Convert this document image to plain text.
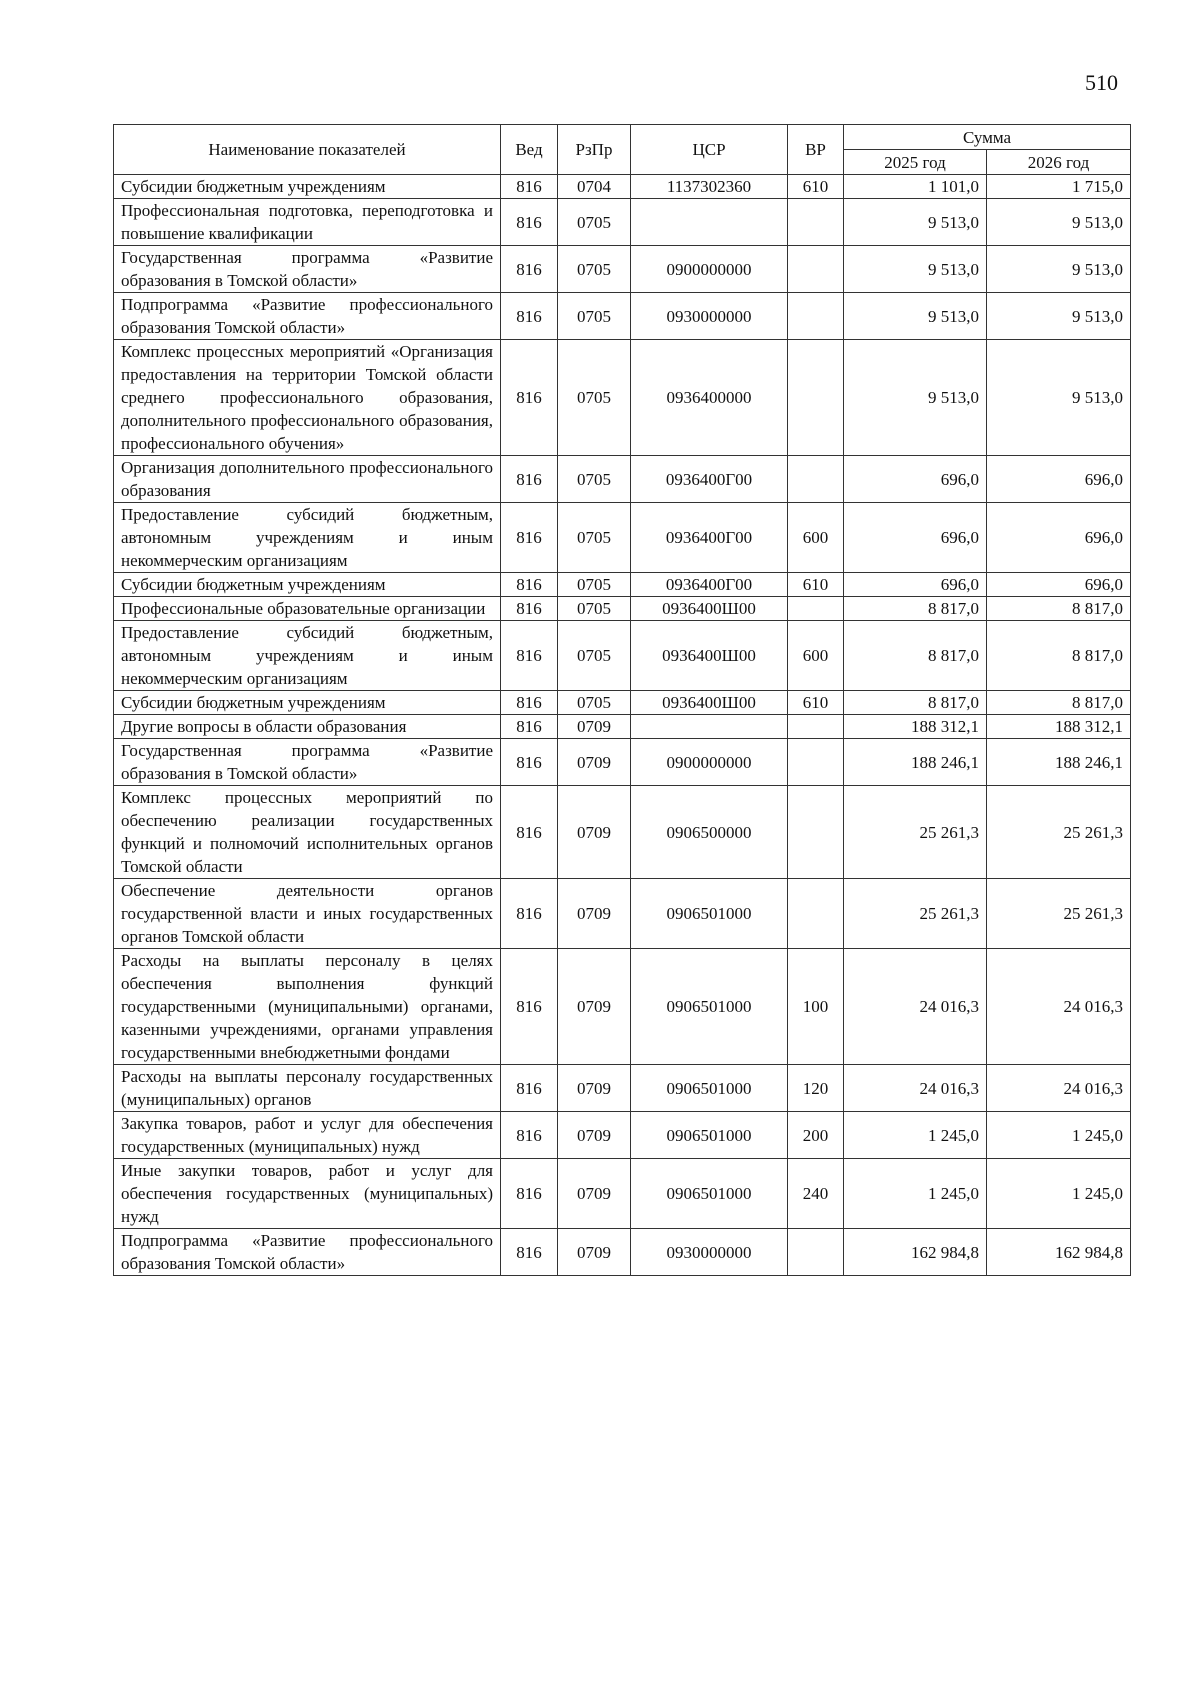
510
Наименование показателей	Вед	РзПр	ЦСР	ВР	Сумма	
					2025 год	2026 год
Субсидии бюджетным учреждениям	816	0704	1137302360	610	1 101,0	1 715,0
Профессиональная подготовка, переподготовка и повышение квалификации	816	0705			9 513,0	9 513,0
Государственная программа «Развитие образования в Томской области»	816	0705	0900000000		9 513,0	9 513,0
Подпрограмма «Развитие профессионального образования Томской области»	816	0705	0930000000		9 513,0	9 513,0
Комплекс процессных мероприятий «Организация предоставления на территории Томской области среднего профессионального образования, дополнительного профессионального образования, профессионального обучения»	816	0705	0936400000		9 513,0	9 513,0
Организация дополнительного профессионального образования	816	0705	0936400Г00		696,0	696,0
Предоставление субсидий бюджетным, автономным учреждениям и иным некоммерческим организациям	816	0705	0936400Г00	600	696,0	696,0
Субсидии бюджетным учреждениям	816	0705	0936400Г00	610	696,0	696,0
Профессиональные образовательные организации	816	0705	0936400Ш00		8 817,0	8 817,0
Предоставление субсидий бюджетным, автономным учреждениям и иным некоммерческим организациям	816	0705	0936400Ш00	600	8 817,0	8 817,0
Субсидии бюджетным учреждениям	816	0705	0936400Ш00	610	8 817,0	8 817,0
Другие вопросы в области образования	816	0709			188 312,1	188 312,1
Государственная программа «Развитие образования в Томской области»	816	0709	0900000000		188 246,1	188 246,1
Комплекс процессных мероприятий по обеспечению реализации государственных функций и полномочий исполнительных органов Томской области	816	0709	0906500000		25 261,3	25 261,3
Обеспечение деятельности органов государственной власти и иных государственных органов Томской области	816	0709	0906501000		25 261,3	25 261,3
Расходы на выплаты персоналу в целях обеспечения выполнения функций государственными (муниципальными) органами, казенными учреждениями, органами управления государственными внебюджетными фондами	816	0709	0906501000	100	24 016,3	24 016,3
Расходы на выплаты персоналу государственных (муниципальных) органов	816	0709	0906501000	120	24 016,3	24 016,3
Закупка товаров, работ и услуг для обеспечения государственных (муниципальных) нужд	816	0709	0906501000	200	1 245,0	1 245,0
Иные закупки товаров, работ и услуг для обеспечения государственных (муниципальных) нужд	816	0709	0906501000	240	1 245,0	1 245,0
Подпрограмма «Развитие профессионального образования Томской области»	816	0709	0930000000		162 984,8	162 984,8
